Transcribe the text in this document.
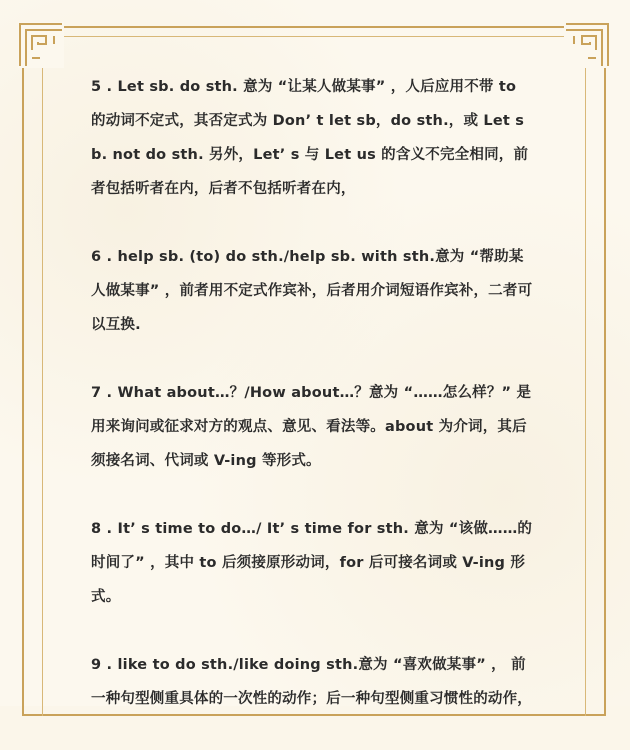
5 . Let sb. do sth. 意为 “让某人做某事” ，人后应用不带 to 的动词不定式，其否定式为 Don’ t let sb，do sth.，或 Let sb. not do sth. 另外，Let’ s 与 Let us 的含义不完全相同，前者包括听者在内，后者不包括听者在内，

6 . help sb. (to) do sth./help sb. with sth.意为 “帮助某人做某事” ，前者用不定式作宾补，后者用介词短语作宾补，二者可以互换.

7 . What about…？/How about…？意为 “……怎么样？” 是用来询问或征求对方的观点、意见、看法等。about 为介词，其后须接名词、代词或 V-ing 等形式。

8 . It’ s time to do…/ It’ s time for sth. 意为 “该做……的时间了” ，其中 to 后须接原形动词，for 后可接名词或 V-ing 形式。

9 . like to do sth./like doing sth.意为 “喜欢做某事” ， 前一种句型侧重具体的一次性的动作；后一种句型侧重习惯性的动作，
